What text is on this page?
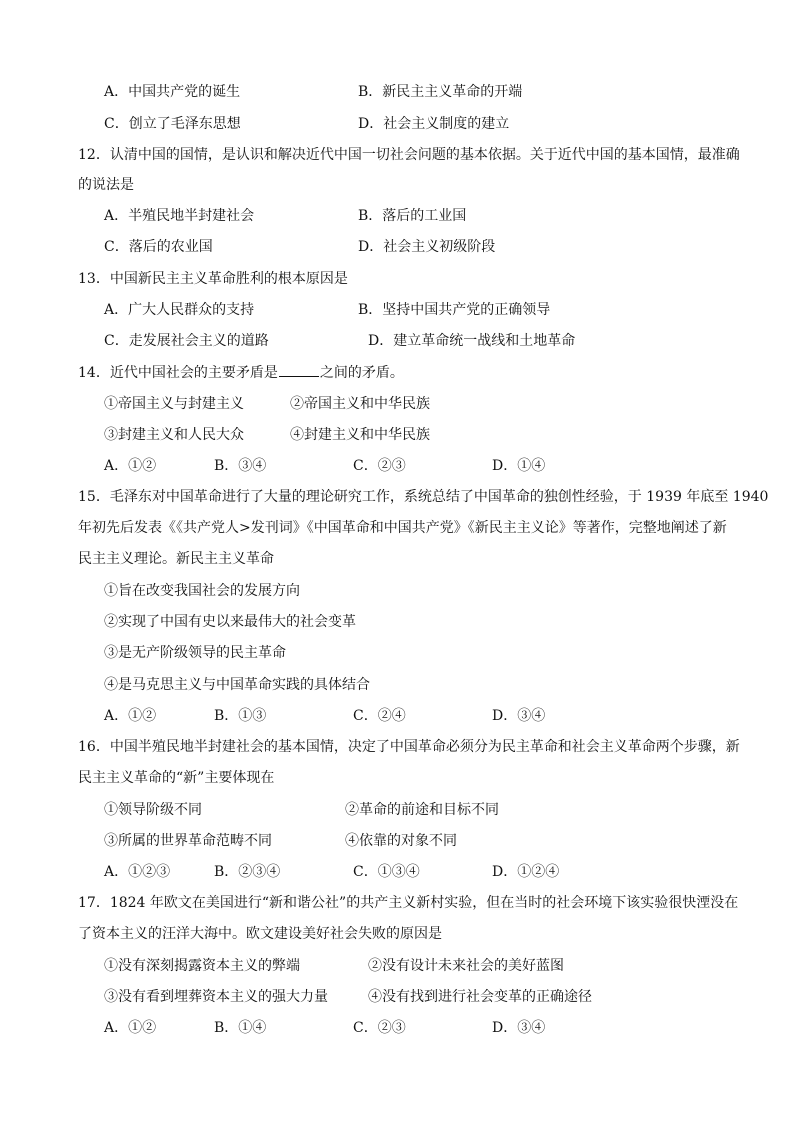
A．中国共产党的诞生	B．新民主主义革命的开端
C．创立了毛泽东思想	D．社会主义制度的建立
12．认清中国的国情，是认识和解决近代中国一切社会问题的基本依据。关于近代中国的基本国情，最准确
的说法是
A．半殖民地半封建社会	B．落后的工业国
C．落后的农业国	D．社会主义初级阶段
13．中国新民主主义革命胜利的根本原因是
A．广大人民群众的支持	B．坚持中国共产党的正确领导
C．走发展社会主义的道路	D．建立革命统一战线和土地革命
14．近代中国社会的主要矛盾是	之间的矛盾。
①帝国主义与封建主义	②帝国主义和中华民族
③封建主义和人民大众	④封建主义和中华民族
A．①②	B．③④	C．②③	D．①④
15．毛泽东对中国革命进行了大量的理论研究工作，系统总结了中国革命的独创性经验，于 1939 年底至 1940
年初先后发表《《共产党人>发刊词》《中国革命和中国共产党》《新民主主义论》等著作，完整地阐述了新
民主主义理论。新民主主义革命
①旨在改变我国社会的发展方向
②实现了中国有史以来最伟大的社会变革
③是无产阶级领导的民主革命
④是马克思主义与中国革命实践的具体结合
A．①②	B．①③	C．②④	D．③④
16．中国半殖民地半封建社会的基本国情，决定了中国革命必须分为民主革命和社会主义革命两个步骤，新
民主主义革命的“新”主要体现在
①领导阶级不同	②革命的前途和目标不同
③所属的世界革命范畴不同	④依靠的对象不同
A．①②③	B．②③④	C．①③④	D．①②④
17．1824 年欧文在美国进行“新和谐公社”的共产主义新村实验，但在当时的社会环境下该实验很快湮没在
了资本主义的汪洋大海中。欧文建设美好社会失败的原因是
①没有深刻揭露资本主义的弊端	②没有设计未来社会的美好蓝图
③没有看到埋葬资本主义的强大力量	④没有找到进行社会变革的正确途径
A．①②	B．①④	C．②③	D．③④
